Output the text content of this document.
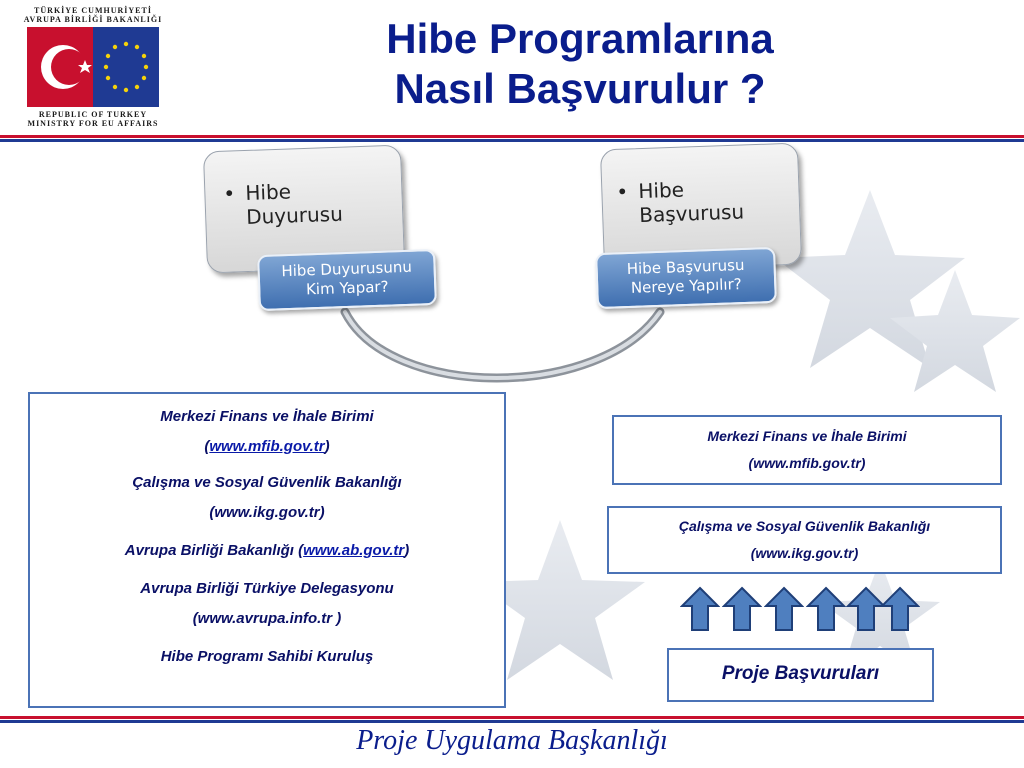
TÜRKİYE CUMHURİYETİ
AVRUPA BİRLİĞİ BAKANLIĞI
REPUBLIC OF TURKEY
MINISTRY FOR EU AFFAIRS
Hibe Programlarına
Nasıl Başvurulur ?
• Hibe
Duyurusu
Hibe Duyurusunu
Kim Yapar?
• Hibe
Başvurusu
Hibe Başvurusu
Nereye Yapılır?

Merkezi Finans ve İhale Birimi
(www.mfib.gov.tr)

Çalışma ve Sosyal Güvenlik Bakanlığı
(www.ikg.gov.tr)

Avrupa Birliği Bakanlığı (www.ab.gov.tr)

Avrupa Birliği Türkiye Delegasyonu
(www.avrupa.info.tr )

Hibe Programı Sahibi Kuruluş

Merkezi Finans ve İhale Birimi

(www.mfib.gov.tr)

Çalışma ve Sosyal Güvenlik Bakanlığı

(www.ikg.gov.tr)

Proje Başvuruları
Proje Uygulama Başkanlığı
